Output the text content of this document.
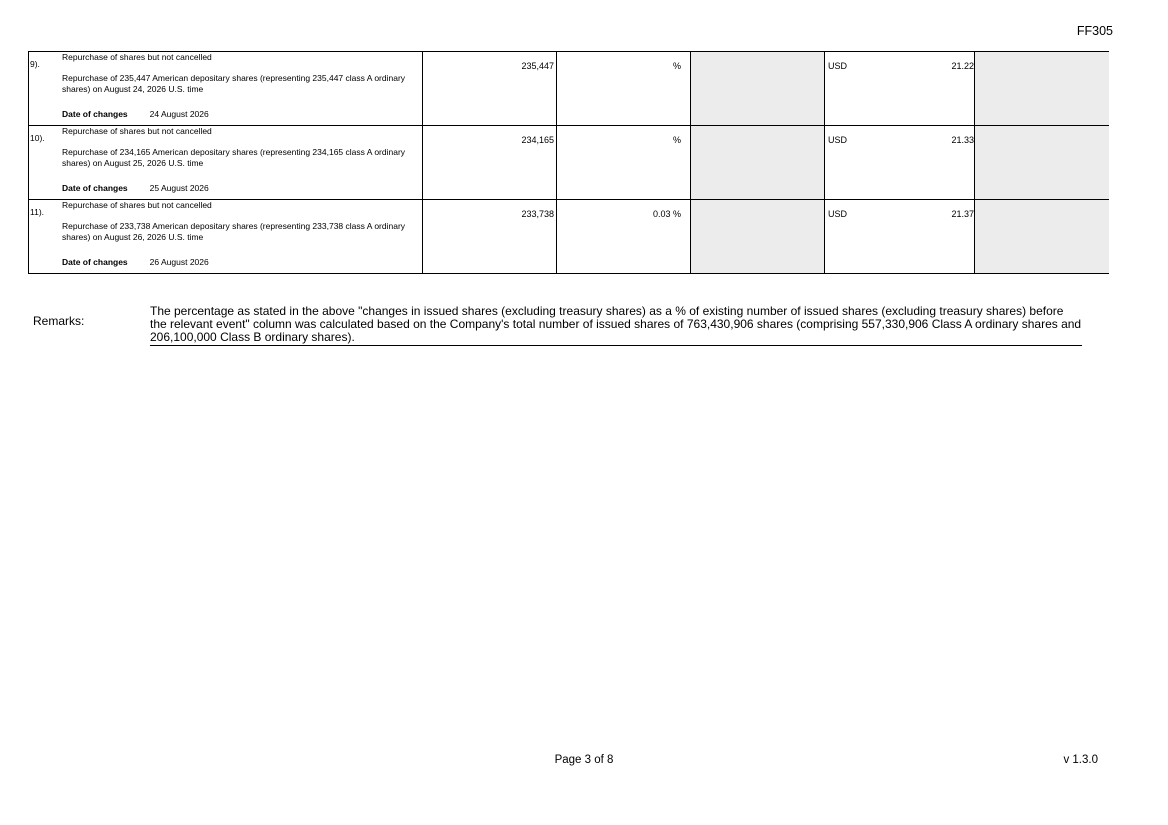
FF305
9).
Repurchase of shares but not cancelled
Repurchase of 235,447 American depositary shares (representing 235,447 class A ordinary shares) on August 24, 2026 U.S. time
Date of changes	24 August 2026
235,447	%	USD	21.22
10).
Repurchase of shares but not cancelled
Repurchase of 234,165 American depositary shares (representing 234,165 class A ordinary shares) on August 25, 2026 U.S. time
Date of changes	25 August 2026
234,165	%	USD	21.33
11).
Repurchase of shares but not cancelled
Repurchase of 233,738 American depositary shares (representing 233,738 class A ordinary shares) on August 26, 2026 U.S. time
Date of changes	26 August 2026
233,738	0.03 %	USD	21.37
Remarks:
The percentage as stated in the above "changes in issued shares (excluding treasury shares) as a % of existing number of issued shares (excluding treasury shares) before the relevant event" column was calculated based on the Company's total number of issued shares of 763,430,906 shares (comprising 557,330,906 Class A ordinary shares and 206,100,000 Class B ordinary shares).
Page 3 of 8	v 1.3.0
